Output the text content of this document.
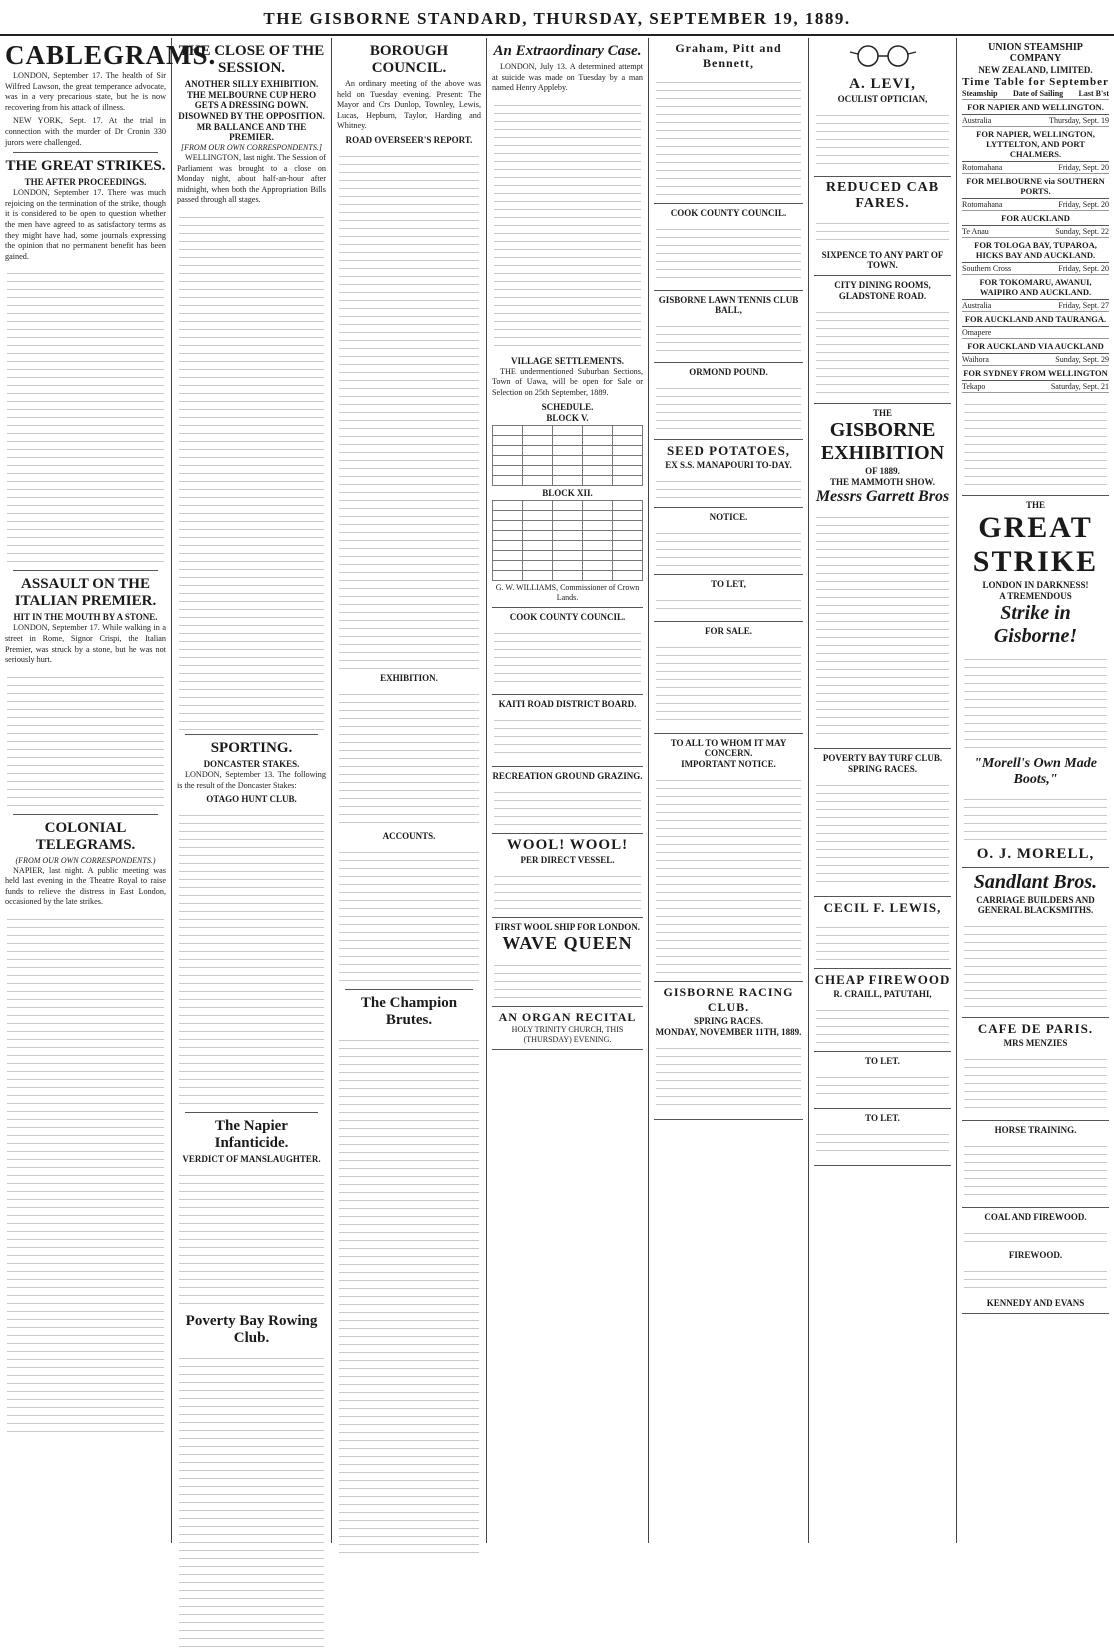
THE GISBORNE STANDARD, THURSDAY, SEPTEMBER 19, 1889.
CABLEGRAMS.

LONDON, September 17. The health of Sir Wilfred Lawson, the great temperance advocate, was in a very precarious state, but he is now recovering from his attack of illness.

NEW YORK, Sept. 17. At the trial in connection with the murder of Dr Cronin 330 jurors were challenged.

THE GREAT STRIKES.
THE AFTER PROCEEDINGS.

LONDON, September 17. There was much rejoicing on the termination of the strike, though it is considered to be open to question whether the men have agreed to as satisfactory terms as they might have had, some journals expressing the opinion that no permanent benefit has been gained.

ASSAULT ON THE ITALIAN PREMIER.
HIT IN THE MOUTH BY A STONE.

LONDON, September 17. While walking in a street in Rome, Signor Crispi, the Italian Premier, was struck by a stone, but he was not seriously hurt.

COLONIAL TELEGRAMS.
(FROM OUR OWN CORRESPONDENTS.)

NAPIER, last night. A public meeting was held last evening in the Theatre Royal to raise funds to relieve the distress in East London, occasioned by the late strikes.

THE CLOSE OF THE SESSION.
ANOTHER SILLY EXHIBITION.
THE MELBOURNE CUP HERO GETS A DRESSING DOWN.
DISOWNED BY THE OPPOSITION.
MR BALLANCE AND THE PREMIER.
[FROM OUR OWN CORRESPONDENTS.]

WELLINGTON, last night. The Session of Parliament was brought to a close on Monday night, about half-an-hour after midnight, when both the Appropriation Bills passed through all stages.

SPORTING.
DONCASTER STAKES.

LONDON, September 13. The following is the result of the Doncaster Stakes:

OTAGO HUNT CLUB.
The Napier Infanticide.
VERDICT OF MANSLAUGHTER.
Poverty Bay Rowing Club.
BOROUGH COUNCIL.

An ordinary meeting of the above was held on Tuesday evening. Present: The Mayor and Crs Dunlop, Townley, Lewis, Lucas, Hepburn, Taylor, Harding and Whitney.

ROAD OVERSEER'S REPORT.
EXHIBITION.
ACCOUNTS.
The Champion Brutes.
An Extraordinary Case.

LONDON, July 13. A determined attempt at suicide was made on Tuesday by a man named Henry Appleby.

VILLAGE SETTLEMENTS.

THE undermentioned Suburban Sections, Town of Uawa, will be open for Sale or Selection on 25th September, 1889.

SCHEDULE.
BLOCK V.

BLOCK XII.

G. W. WILLIAMS, Commissioner of Crown Lands.
COOK COUNTY COUNCIL.
KAITI ROAD DISTRICT BOARD.
RECREATION GROUND GRAZING.
WOOL! WOOL!
PER DIRECT VESSEL.
FIRST WOOL SHIP FOR LONDON.
WAVE QUEEN
AN ORGAN RECITAL
HOLY TRINITY CHURCH, THIS (THURSDAY) EVENING.
Graham, Pitt and Bennett,
COOK COUNTY COUNCIL.
GISBORNE LAWN TENNIS CLUB BALL,
ORMOND POUND.
SEED POTATOES,
EX S.S. MANAPOURI TO-DAY.
NOTICE.
TO LET,
FOR SALE.
TO ALL TO WHOM IT MAY CONCERN.
IMPORTANT NOTICE.
GISBORNE RACING CLUB.
SPRING RACES.
MONDAY, NOVEMBER 11TH, 1889.
A. LEVI,
OCULIST OPTICIAN,
REDUCED CAB FARES.
SIXPENCE TO ANY PART OF TOWN.
CITY DINING ROOMS,
GLADSTONE ROAD.
THE
GISBORNE EXHIBITION
OF 1889.
THE MAMMOTH SHOW.
Messrs Garrett Bros
POVERTY BAY TURF CLUB.
SPRING RACES.
CECIL F. LEWIS,
CHEAP FIREWOOD
R. CRAILL, PATUTAHI,
TO LET.
TO LET.
UNION STEAMSHIP COMPANY
NEW ZEALAND, LIMITED.
Time Table for September
Steamship Date of Sailing Last B'st
FOR NAPIER AND WELLINGTON.
Australia	Thursday, Sept. 19
FOR NAPIER, WELLINGTON, LYTTELTON, AND PORT CHALMERS.
Rotomahana	Friday, Sept. 20
FOR MELBOURNE via SOUTHERN PORTS.
Rotomahana	Friday, Sept. 20
FOR AUCKLAND
Te Anau	Sunday, Sept. 22
FOR TOLOGA BAY, TUPAROA, HICKS BAY AND AUCKLAND.
Southern Cross	Friday, Sept. 20
FOR TOKOMARU, AWANUI, WAIPIRO AND AUCKLAND.
Australia	Friday, Sept. 27
FOR AUCKLAND AND TAURANGA.
Omapere
FOR AUCKLAND VIA AUCKLAND
Waihora	Sunday, Sept. 29
FOR SYDNEY FROM WELLINGTON
Tekapo	Saturday, Sept. 21
THE
GREAT STRIKE
LONDON IN DARKNESS!
A TREMENDOUS
Strike in Gisborne!
"Morell's Own Made Boots,"
O. J. MORELL,
Sandlant Bros.
CARRIAGE BUILDERS AND GENERAL BLACKSMITHS.
CAFE DE PARIS.
MRS MENZIES
HORSE TRAINING.
COAL AND FIREWOOD.
FIREWOOD.
KENNEDY AND EVANS
